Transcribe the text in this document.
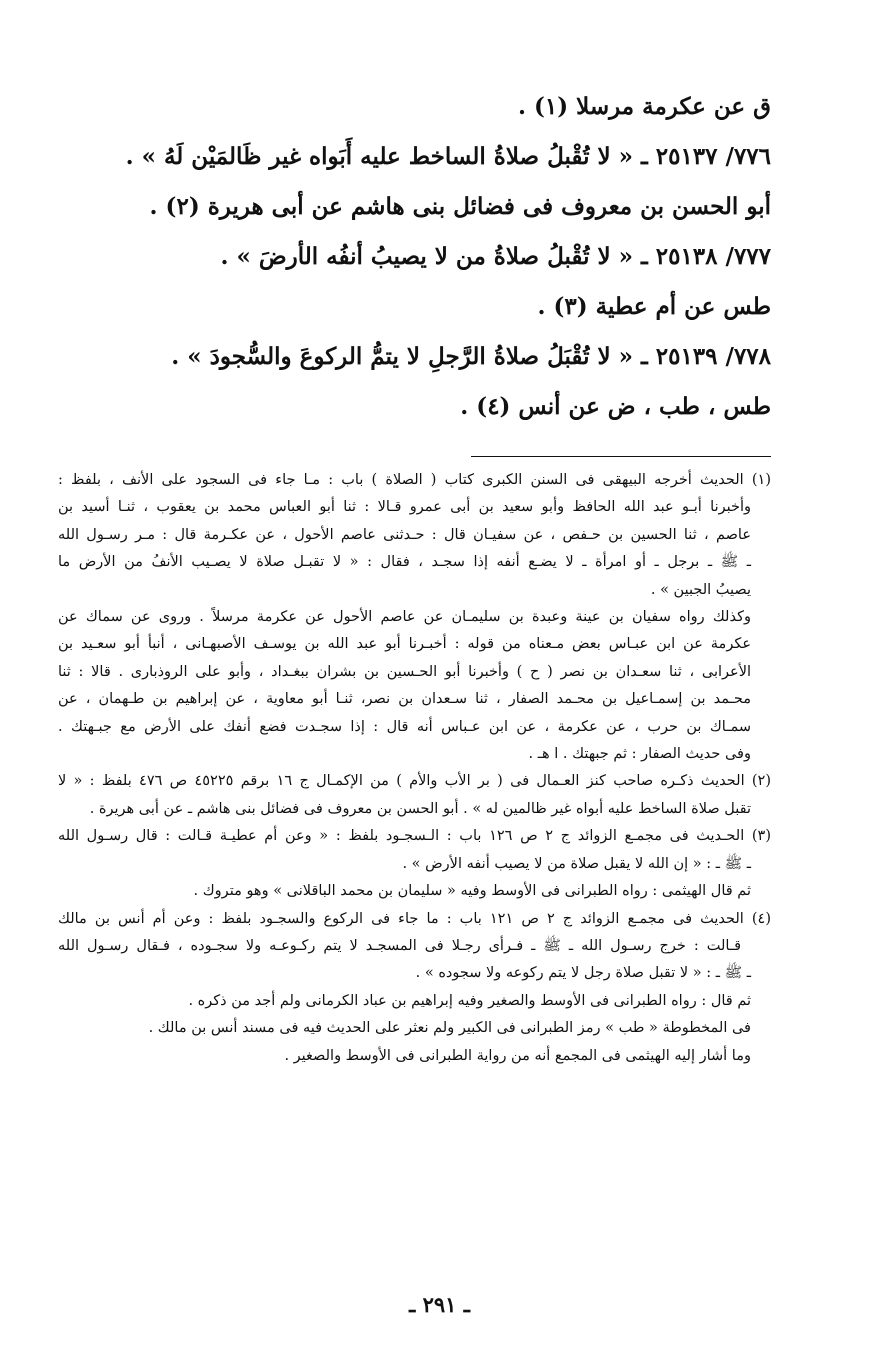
ق عن عكرمة مرسلا (١) .
٧٧٦/ ٢٥١٣٧ ـ « لا تُقْبلُ صلاةُ الساخط عليه أَبَواه غير ظَالمَيْن لَهُ » .
أبو الحسن بن معروف فى فضائل بنى هاشم عن أبى هريرة (٢) .
٧٧٧/ ٢٥١٣٨ ـ « لا تُقْبلُ صلاةُ من لا يصيبُ أنفُه الأرضَ » .
طس عن أم عطية (٣) .
٧٧٨/ ٢٥١٣٩ ـ « لا تُقْبَلُ صلاةُ الرَّجلِ لا يتمُّ الركوعَ والسُّجودَ » .
طس ، طب ، ض عن أنس (٤) .
(١) الحديث أخرجه البيهقى فى السنن الكبرى كتاب ( الصلاة ) باب : مـا جاء فى السجود على الأنف ، بلفظ :
وأخبرنا أبـو عبد الله الحافظ وأبو سعيد بن أبى عمرو قـالا : ثنا أبو العباس محمد بن يعقوب ، ثنـا أسيد بن
عاصم ، ثنا الحسين بن حـفص ، عن سفيـان قال : حـدثنى عاصم الأحول ، عن عكـرمة قال : مـر رسـول الله
ـ ﷺ ـ برجل ـ أو امرأة ـ لا يضـع أنفه إذا سجـد ، فقال : « لا تقبـل صلاة لا يصـيب الأنفُ من الأرض ما
يصيبُ الجبين » .
وكذلك رواه سفيان بن عينة وعبدة بن سليمـان عن عاصم الأحول عن عكرمة مرسلاً . وروى عن سماك عن
عكرمة عن ابن عبـاس بعض مـعناه من قوله : أخبـرنا أبو عبد الله بن يوسـف الأصبهـانى ، أنبأ أبو سعـيد بن
الأعرابى ، ثنا سعـدان بن نصر ( ح ) وأخبرنا أبو الحـسين بن بشران ببغـداد ، وأبو على الروذبارى . قالا : ثنا
محـمد بن إسمـاعيل بن محـمد الصفار ، ثنا سـعدان بن نصر، ثنـا أبو معاوية ، عن إبراهيم بن طـهمان ، عن
سمـاك بن حرب ، عن عكرمة ، عن ابن عـباس أنه قال : إذا سجـدت فضع أنفك على الأرض مع جبـهتك .
وفى حديث الصفار : ثم جبهتك . ا هـ .
(٢) الحديث ذكـره صاحب كنز العـمال فى ( بر الأب والأم ) من الإكمـال ج ١٦ برقم ٤٥٢٢٥ ص ٤٧٦ بلفظ : « لا
تقبل صلاة الساخط عليه أبواه غير ظالمين له » . أبو الحسن بن معروف فى فضائل بنى هاشم ـ عن أبى هريرة .
(٣) الحـديث فى مجمـع الزوائد ج ٢ ص ١٢٦ باب : الـسجـود بلفظ : « وعن أم عطيـة قـالت : قال رسـول الله
ـ ﷺ ـ : « إن الله لا يقبل صلاة من لا يصيب أنفه الأرض » .
ثم قال الهيثمى : رواه الطبرانى فى الأوسط وفيه « سليمان بن محمد الباقلانى » وهو متروك .
(٤) الحديث فى مجمـع الزوائد ج ٢ ص ١٢١ باب : ما جاء فى الركوع والسجـود بلفظ : وعن أم أنس بن مالك
قـالت : خرج رسـول الله ـ ﷺ ـ فـرأى رجـلا فى المسجـد لا يتم ركـوعـه ولا سجـوده ، فـقال رسـول الله
ـ ﷺ ـ : « لا تقبل صلاة رجل لا يتم ركوعه ولا سجوده » .
ثم قال : رواه الطبرانى فى الأوسط والصغير وفيه إبراهيم بن عباد الكرمانى ولم أجد من ذكره .
فى المخطوطة « طب » رمز الطبرانى فى الكبير ولم نعثر على الحديث فيه فى مسند أنس بن مالك .
وما أشار إليه الهيثمى فى المجمع أنه من رواية الطبرانى فى الأوسط والصغير .
ـ ٢٩١ ـ
